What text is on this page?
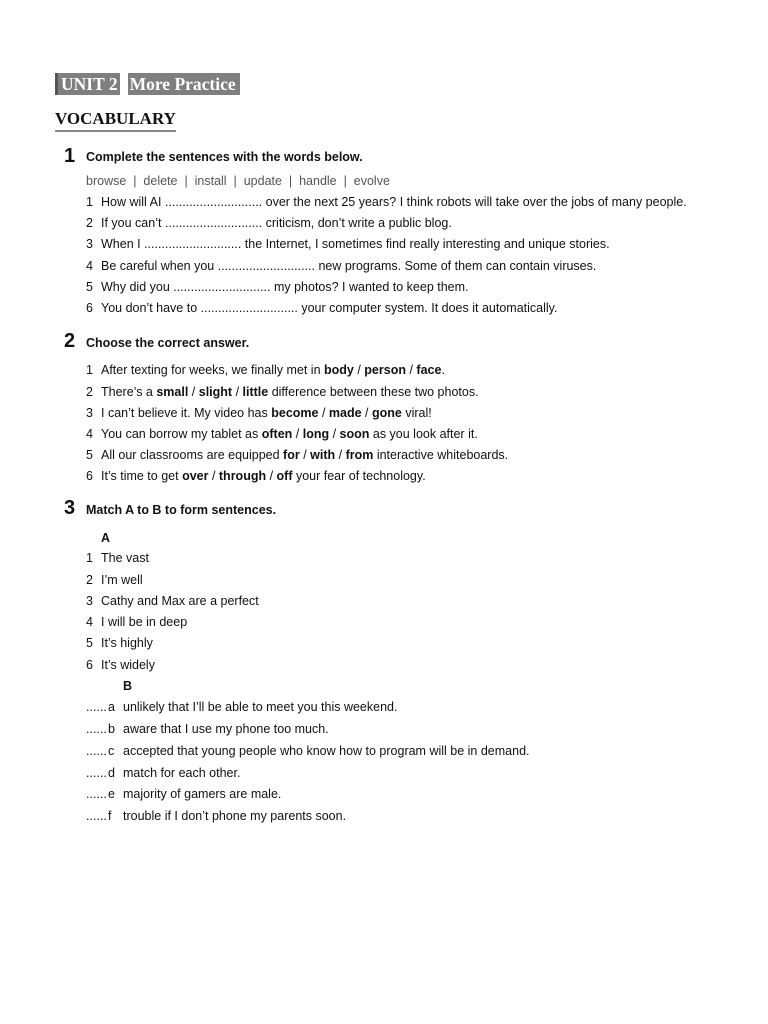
UNIT 2 More Practice
VOCABULARY
1 Complete the sentences with the words below.
browse  |  delete  |  install  |  update  |  handle  |  evolve
1 How will AI ............................ over the next 25 years? I think robots will take over the jobs of many people.
2 If you can’t ............................ criticism, don’t write a public blog.
3 When I ............................ the Internet, I sometimes find really interesting and unique stories.
4 Be careful when you ............................ new programs. Some of them can contain viruses.
5 Why did you ............................ my photos? I wanted to keep them.
6 You don’t have to ............................ your computer system. It does it automatically.
2 Choose the correct answer.
1 After texting for weeks, we finally met in body / person / face.
2 There’s a small / slight / little difference between these two photos.
3 I can’t believe it. My video has become / made / gone viral!
4 You can borrow my tablet as often / long / soon as you look after it.
5 All our classrooms are equipped for / with / from interactive whiteboards.
6 It’s time to get over / through / off your fear of technology.
3 Match A to B to form sentences.
A
1 The vast
2 I’m well
3 Cathy and Max are a perfect
4 I will be in deep
5 It’s highly
6 It’s widely
B
......a unlikely that I’ll be able to meet you this weekend.
......b aware that I use my phone too much.
......c accepted that young people who know how to program will be in demand.
......d match for each other.
......e majority of gamers are male.
......f trouble if I don’t phone my parents soon.
